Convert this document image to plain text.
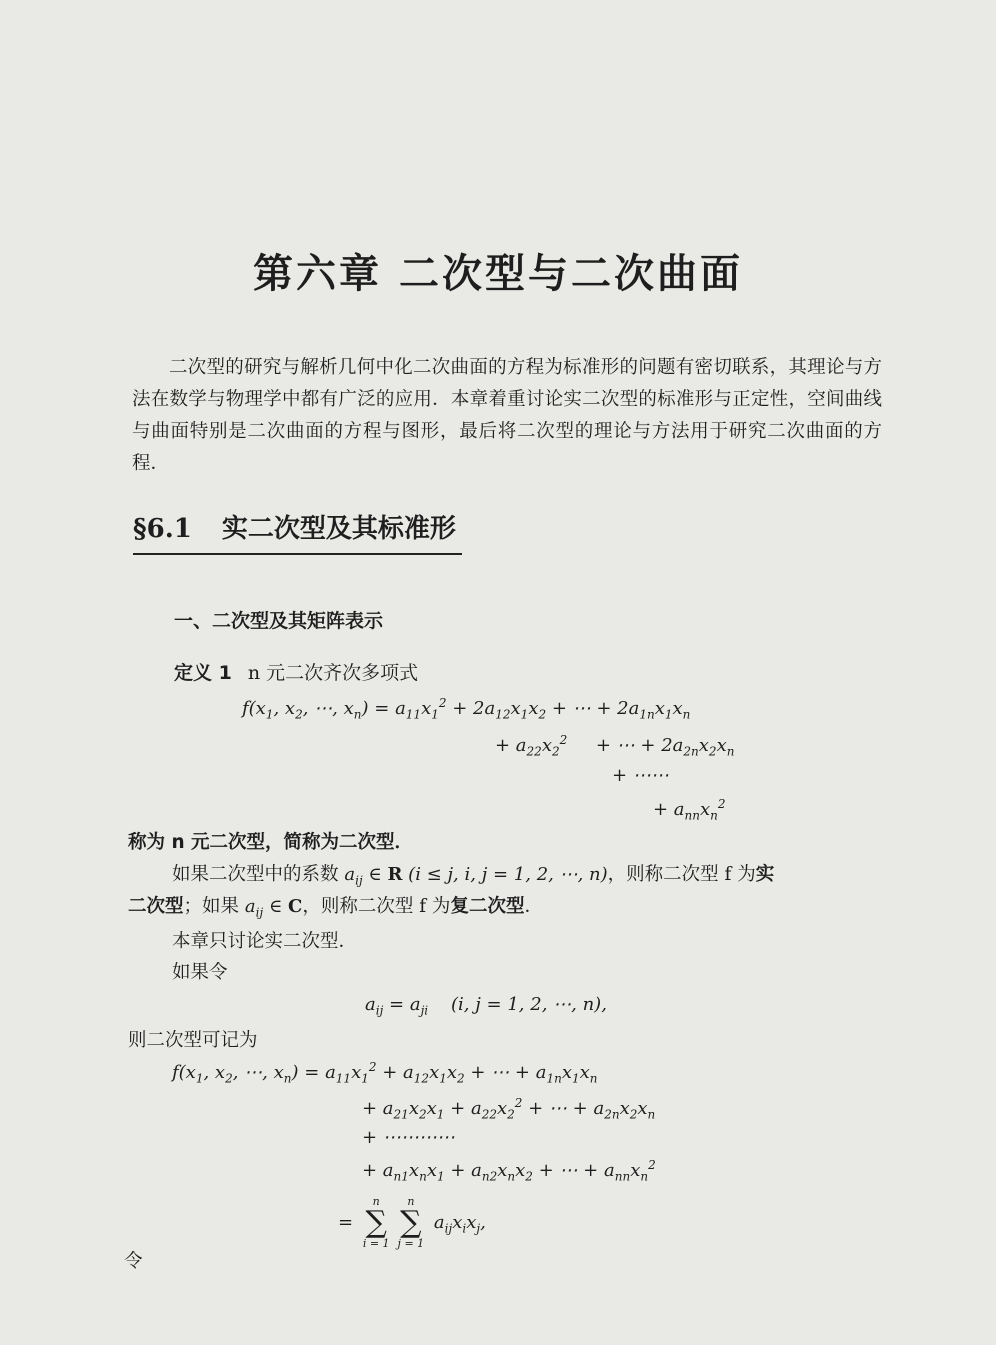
第六章 二次型与二次曲面

二次型的研究与解析几何中化二次曲面的方程为标准形的问题有密切联系，其理论与方法在数学与物理学中都有广泛的应用．本章着重讨论实二次型的标准形与正定性，空间曲线与曲面特别是二次曲面的方程与图形，最后将二次型的理论与方法用于研究二次曲面的方程．

§6.1 实二次型及其标准形
一、二次型及其矩阵表示
定义 1 n 元二次齐次多项式
$f(x_1$, $x_2$, ⋯, $x_n) = a_{11}x_1^2 + 2a_{12}x_1x_2$ + ⋯ + $2a_{1n}x_1x_n$
+ $a_{22}x_2^2$     + ⋯ + $2a_{2n}x_2x_n$
+ ⋯⋯
+ $a_{nn}x_n^2$
称为 n 元二次型，简称为二次型．
如果二次型中的系数 $a_{ij}$ ∈ R (i ≤ j, i, j = 1, 2, ⋯, n)，则称二次型 f 为实
二次型；如果 $a_{ij}$ ∈ C，则称二次型 f 为复二次型．
本章只讨论实二次型．
如果令
$a_{ij} = a_{ji}$    (i, j = 1, 2, ⋯, n),
则二次型可记为
$f(x_1$, $x_2$, ⋯, $x_n) = a_{11}x_1^2 + a_{12}x_1x_2$ + ⋯ + $a_{1n}x_1x_n$
+ $a_{21}x_2x_1 + a_{22}x_2^2$ + ⋯ + $a_{2n}x_2x_n$
+ ⋯⋯⋯⋯
+ $a_{n1}x_nx_1 + a_{n2}x_nx_2$ + ⋯ + $a_{nn}x_n^2$
=
n
∑
i = 1
n
∑
j = 1
$a_{ij}x_ix_j$,
令
